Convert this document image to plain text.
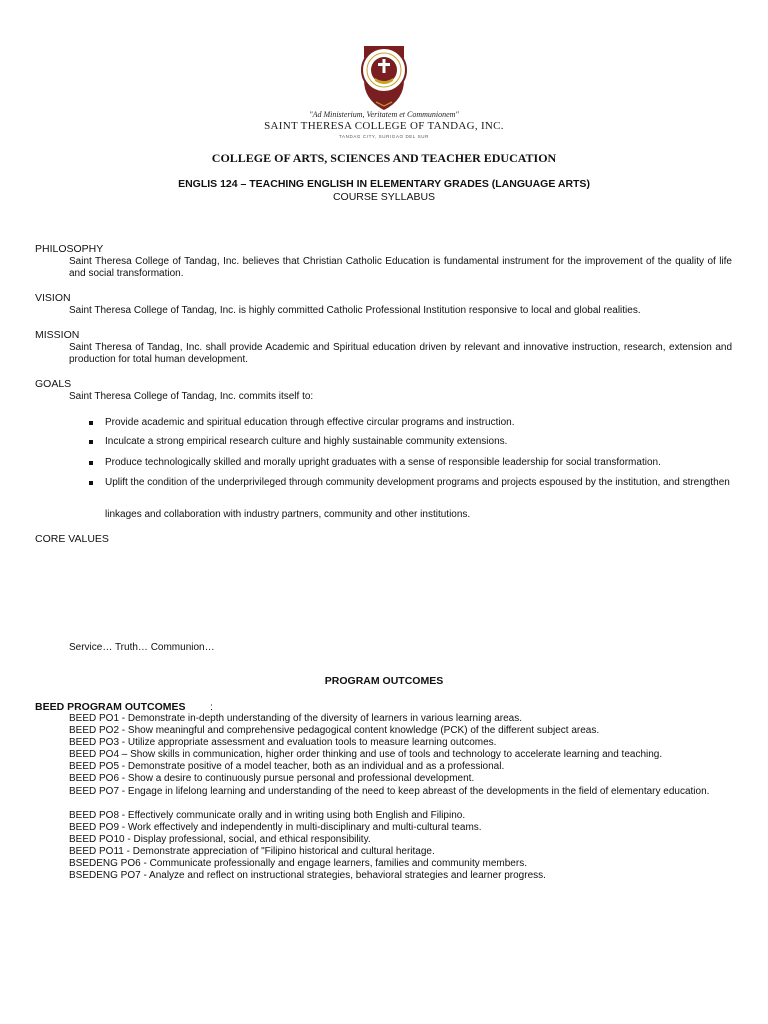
"Ad Ministerium, Veritatem et Communionem"
SAINT THERESA COLLEGE OF TANDAG, INC.
TANDAG CITY, SURIGAO DEL SUR
COLLEGE OF ARTS, SCIENCES AND TEACHER EDUCATION
ENGLIS 124 – TEACHING ENGLISH IN ELEMENTARY GRADES (LANGUAGE ARTS)
COURSE SYLLABUS
PHILOSOPHY
Saint Theresa College of Tandag, Inc. believes that Christian Catholic Education is fundamental instrument for the improvement of the quality of life and social transformation.
VISION
Saint Theresa College of Tandag, Inc. is highly committed Catholic Professional Institution responsive to local and global realities.
MISSION
Saint Theresa of Tandag, Inc. shall provide Academic and Spiritual education driven by relevant and innovative instruction, research, extension and production for total human development.
GOALS
Saint Theresa College of Tandag, Inc. commits itself to:
Provide academic and spiritual education through effective circular programs and instruction.
Inculcate a strong empirical research culture and highly sustainable community extensions.
Produce technologically skilled and morally upright graduates with a sense of responsible leadership for social transformation.
Uplift the condition of the underprivileged through community development programs and projects espoused by the institution, and strengthen
linkages and collaboration with industry partners, community and other institutions.
CORE VALUES
Service… Truth… Communion…
PROGRAM OUTCOMES
BEED PROGRAM OUTCOMES :
BEED PO1 - Demonstrate in-depth understanding of the diversity of learners in various learning areas.
BEED PO2 - Show meaningful and comprehensive pedagogical content knowledge (PCK) of the different subject areas.
BEED PO3 - Utilize appropriate assessment and evaluation tools to measure learning outcomes.
BEED PO4 – Show skills in communication, higher order thinking and use of tools and technology to accelerate learning and teaching.
BEED PO5 - Demonstrate positive of a model teacher, both as an individual and as a professional.
BEED PO6 - Show a desire to continuously pursue personal and professional development.
BEED PO7 - Engage in lifelong learning and understanding of the need to keep abreast of the developments in the field of elementary education.
BEED PO8 - Effectively communicate orally and in writing using both English and Filipino.
BEED PO9 - Work effectively and independently in multi-disciplinary and multi-cultural teams.
BEED PO10 - Display professional, social, and ethical responsibility.
BEED PO11 - Demonstrate appreciation of "Filipino historical and cultural heritage.
BSEDENG PO6 - Communicate professionally and engage learners, families and community members.
BSEDENG PO7 - Analyze and reflect on instructional strategies, behavioral strategies and learner progress.
